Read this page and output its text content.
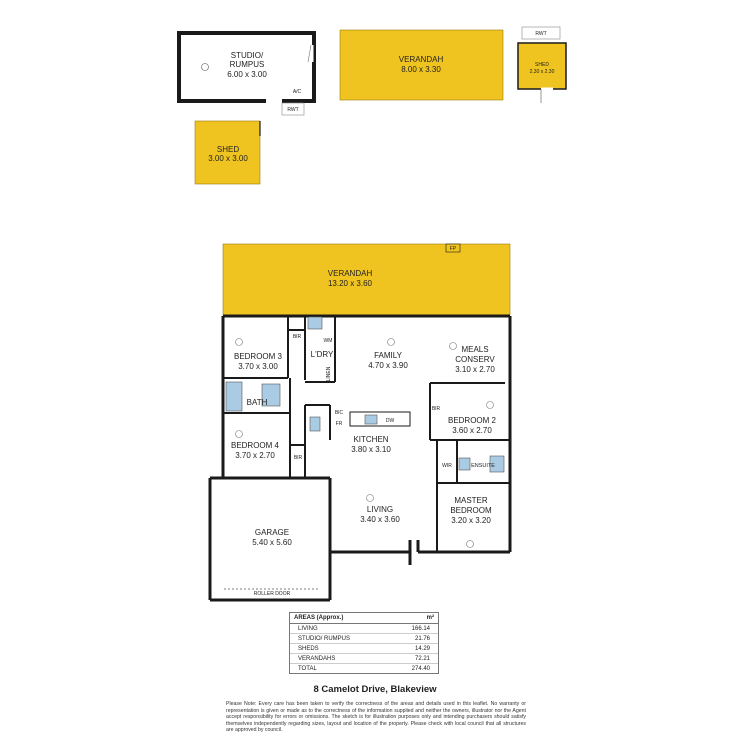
STUDIO/
RUMPUS
6.00 x 3.00
A/C
RWT
VERANDAH
8.00 x 3.30
RWT
SHED
2.30 x 2.30
SHED
3.00 x 3.00
FP
VERANDAH
13.20 x 3.60
ROLLER DOOR
BEDROOM 3
3.70 x 3.00
BIR
WM
L'DRY
LINEN
FAMILY
4.70 x 3.90
MEALS
CONSERV
3.10 x 2.70
BATH
BIC
FR	DW
KITCHEN
3.80 x 3.10
BIR
BEDROOM 2
3.60 x 2.70
BEDROOM 4
3.70 x 2.70	BIR
WIR	ENSUITE
LIVING
3.40 x 3.60
MASTER
BEDROOM
3.20 x 3.20
GARAGE
5.40 x 5.60
AREAS (Approx.)	m²
LIVING	166.14
STUDIO/ RUMPUS	21.76
SHEDS	14.29
VERANDAHS	72.21
TOTAL	274.40
8 Camelot Drive, Blakeview
Please Note: Every care has been taken to verify the correctness of the areas and details used in this leaflet. No warranty or representation is given or made as to the correctness of the information supplied and neither the owners, illustrator nor the Agent accept responsibility for errors or omissions. The sketch is for illustration purposes only and intending purchasers should satisfy themselves independently regarding sizes, layout and location of the property. Please check with local council that all structures are approved by council.
